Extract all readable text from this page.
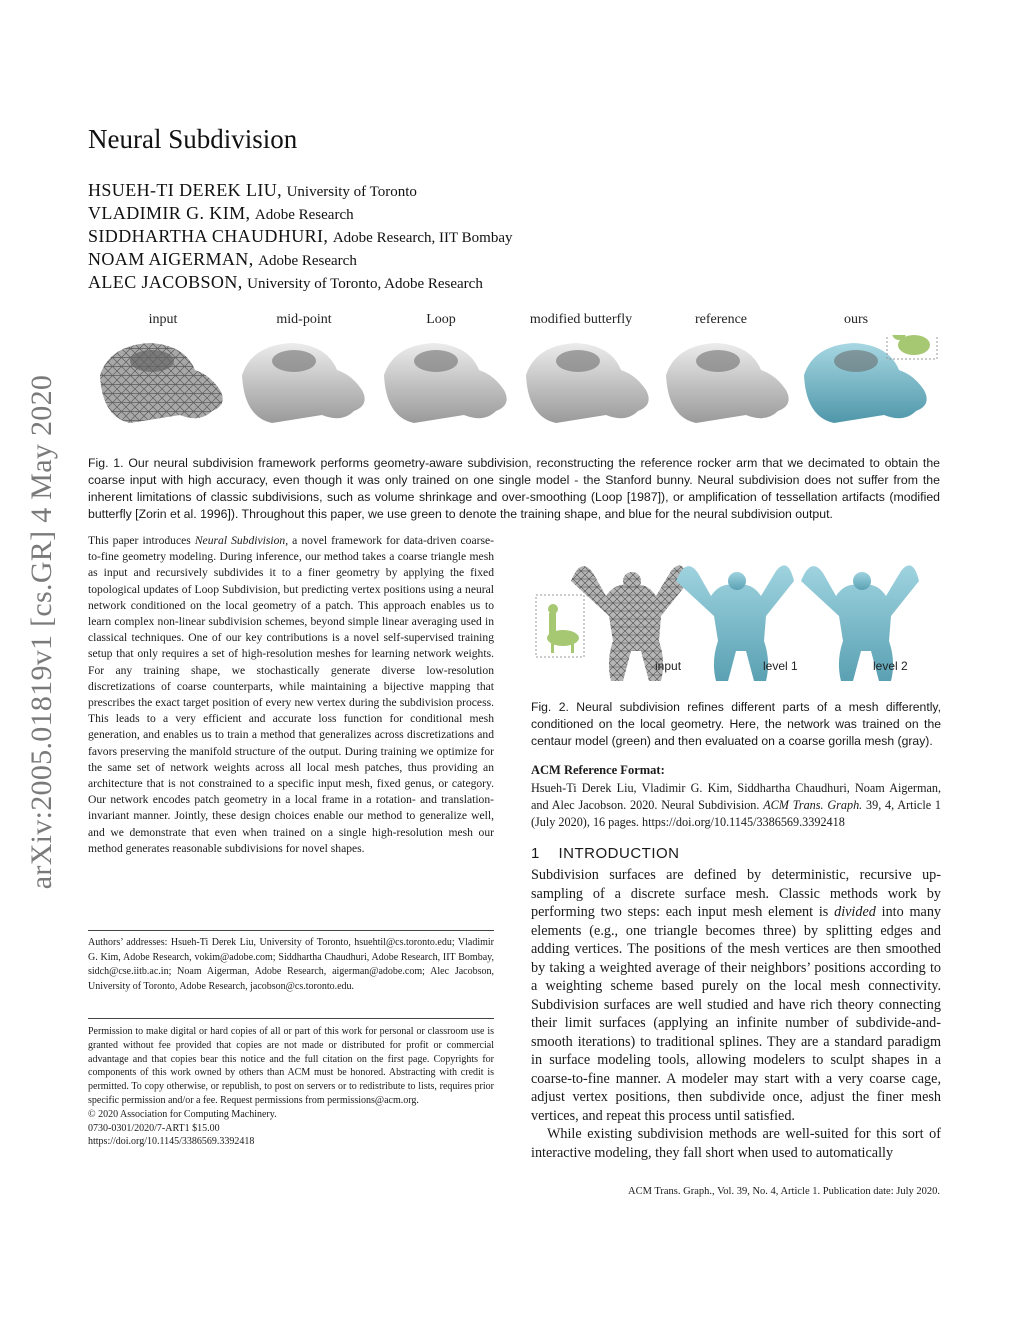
arXiv:2005.01819v1 [cs.GR] 4 May 2020
Neural Subdivision
HSUEH-TI DEREK LIU, University of Toronto
VLADIMIR G. KIM, Adobe Research
SIDDHARTHA CHAUDHURI, Adobe Research, IIT Bombay
NOAM AIGERMAN, Adobe Research
ALEC JACOBSON, University of Toronto, Adobe Research
input	mid-point	Loop	modified butterfly	reference	ours
Fig. 1. Our neural subdivision framework performs geometry-aware subdivision, reconstructing the reference rocker arm that we decimated to obtain the coarse input with high accuracy, even though it was only trained on one single model - the Stanford bunny. Neural subdivision does not suffer from the inherent limitations of classic subdivisions, such as volume shrinkage and over-smoothing (Loop [1987]), or amplification of tessellation artifacts (modified butterfly [Zorin et al. 1996]). Throughout this paper, we use green to denote the training shape, and blue for the neural subdivision output.
This paper introduces Neural Subdivision, a novel framework for data-driven coarse-to-fine geometry modeling. During inference, our method takes a coarse triangle mesh as input and recursively subdivides it to a finer geometry by applying the fixed topological updates of Loop Subdivision, but predicting vertex positions using a neural network conditioned on the local geometry of a patch. This approach enables us to learn complex non-linear subdivision schemes, beyond simple linear averaging used in classical techniques. One of our key contributions is a novel self-supervised training setup that only requires a set of high-resolution meshes for learning network weights. For any training shape, we stochastically generate diverse low-resolution discretizations of coarse counterparts, while maintaining a bijective mapping that prescribes the exact target position of every new vertex during the subdivision process. This leads to a very efficient and accurate loss function for conditional mesh generation, and enables us to train a method that generalizes across discretizations and favors preserving the manifold structure of the output. During training we optimize for the same set of network weights across all local mesh patches, thus providing an architecture that is not constrained to a specific input mesh, fixed genus, or category. Our network encodes patch geometry in a local frame in a rotation- and translation-invariant manner. Jointly, these design choices enable our method to generalize well, and we demonstrate that even when trained on a single high-resolution mesh our method generates reasonable subdivisions for novel shapes.
Authors’ addresses: Hsueh-Ti Derek Liu, University of Toronto, hsuehtil@cs.toronto.edu; Vladimir G. Kim, Adobe Research, vokim@adobe.com; Siddhartha Chaudhuri, Adobe Research, IIT Bombay, sidch@cse.iitb.ac.in; Noam Aigerman, Adobe Research, aigerman@adobe.com; Alec Jacobson, University of Toronto, Adobe Research, jacobson@cs.toronto.edu.
Permission to make digital or hard copies of all or part of this work for personal or classroom use is granted without fee provided that copies are not made or distributed for profit or commercial advantage and that copies bear this notice and the full citation on the first page. Copyrights for components of this work owned by others than ACM must be honored. Abstracting with credit is permitted. To copy otherwise, or republish, to post on servers or to redistribute to lists, requires prior specific permission and/or a fee. Request permissions from permissions@acm.org.
© 2020 Association for Computing Machinery.
0730-0301/2020/7-ART1 $15.00
https://doi.org/10.1145/3386569.3392418
input	level 1	level 2
Fig. 2. Neural subdivision refines different parts of a mesh differently, conditioned on the local geometry. Here, the network was trained on the centaur model (green) and then evaluated on a coarse gorilla mesh (gray).
ACM Reference Format:
Hsueh-Ti Derek Liu, Vladimir G. Kim, Siddhartha Chaudhuri, Noam Aigerman, and Alec Jacobson. 2020. Neural Subdivision. ACM Trans. Graph. 39, 4, Article 1 (July 2020), 16 pages. https://doi.org/10.1145/3386569.3392418
1    INTRODUCTION
Subdivision surfaces are defined by deterministic, recursive up-sampling of a discrete surface mesh. Classic methods work by performing two steps: each input mesh element is divided into many elements (e.g., one triangle becomes three) by splitting edges and adding vertices. The positions of the mesh vertices are then smoothed by taking a weighted average of their neighbors’ positions according to a weighting scheme based purely on the local mesh connectivity. Subdivision surfaces are well studied and have rich theory connecting their limit surfaces (applying an infinite number of subdivide-and-smooth iterations) to traditional splines. They are a standard paradigm in surface modeling tools, allowing modelers to sculpt shapes in a coarse-to-fine manner. A modeler may start with a very coarse cage, adjust vertex positions, then subdivide once, adjust the finer mesh vertices, and repeat this process until satisfied.
While existing subdivision methods are well-suited for this sort of interactive modeling, they fall short when used to automatically
ACM Trans. Graph., Vol. 39, No. 4, Article 1. Publication date: July 2020.
